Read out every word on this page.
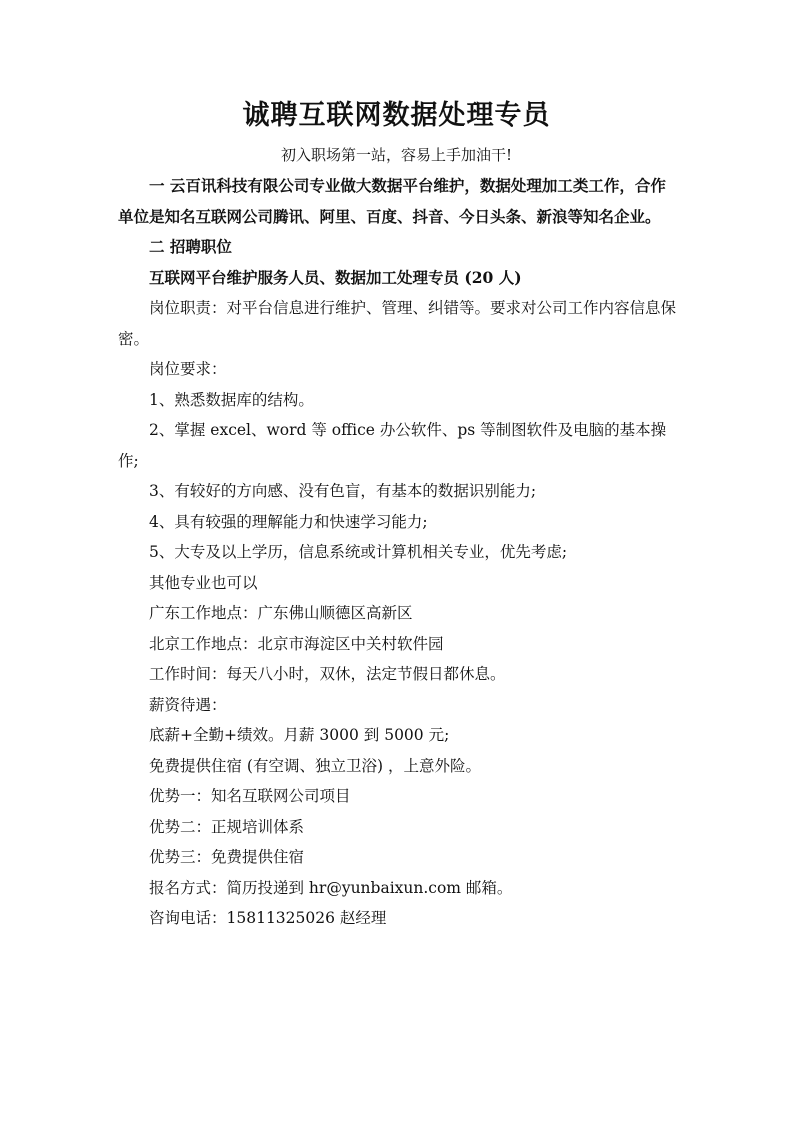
诚聘互联网数据处理专员

初入职场第一站，容易上手加油干!

一 云百讯科技有限公司专业做大数据平台维护，数据处理加工类工作，合作单位是知名互联网公司腾讯、阿里、百度、抖音、今日头条、新浪等知名企业。

二 招聘职位

互联网平台维护服务人员、数据加工处理专员 (20 人)

岗位职责：对平台信息进行维护、管理、纠错等。要求对公司工作内容信息保密。

岗位要求：

1、熟悉数据库的结构。

2、掌握 excel、word 等 office 办公软件、ps 等制图软件及电脑的基本操作;

3、有较好的方向感、没有色盲，有基本的数据识别能力;

4、具有较强的理解能力和快速学习能力;

5、大专及以上学历，信息系统或计算机相关专业，优先考虑;

其他专业也可以

广东工作地点：广东佛山顺德区高新区

北京工作地点：北京市海淀区中关村软件园

工作时间：每天八小时，双休，法定节假日都休息。

薪资待遇：

底薪+全勤+绩效。月薪 3000 到 5000 元;

免费提供住宿 (有空调、独立卫浴) ，上意外险。

优势一：知名互联网公司项目

优势二：正规培训体系

优势三：免费提供住宿

报名方式：简历投递到 hr@yunbaixun.com 邮箱。

咨询电话：15811325026 赵经理
